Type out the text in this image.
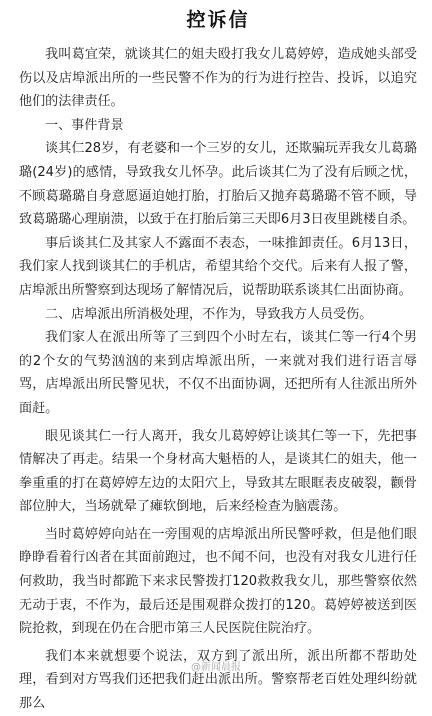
控诉信

我叫葛宜荣，就谈其仁的姐夫殴打我女儿葛婷婷，造成她头部受伤以及店埠派出所的一些民警不作为的行为进行控告、投诉，以追究他们的法律责任。

一、事件背景

谈其仁28岁，有老婆和一个三岁的女儿，还欺骗玩弄我女儿葛璐璐(24岁)的感情，导致我女儿怀孕。此后谈其仁为了没有后顾之忧，不顾葛璐璐自身意愿逼迫她打胎，打胎后又抛弃葛璐璐不管不顾，导致葛璐璐心理崩溃，以致于在打胎后第三天即6月3日夜里跳楼自杀。

事后谈其仁及其家人不露面不表态，一味推卸责任。6月13日，我们家人找到谈其仁的手机店，希望其给个交代。后来有人报了警，店埠派出所警察到达现场了解情况后，说帮助联系谈其仁出面协商。

二、店埠派出所消极处理，不作为，导致我方人员受伤。

我们家人在派出所等了三到四个小时左右，谈其仁等一行4个男的2个女的气势汹汹的来到店埠派出所，一来就对我们进行语言辱骂，店埠派出所民警见状，不仅不出面协调，还把所有人往派出所外面赶。

眼见谈其仁一行人离开，我女儿葛婷婷让谈其仁等一下，先把事情解决了再走。结果一个身材高大魁梧的人，是谈其仁的姐夫，他一拳重重的打在葛婷婷左边的太阳穴上，导致其左眼眶表皮破裂，颧骨部位肿大，当场就晕了瘫软倒地，后来经检查为脑震荡。

当时葛婷婷向站在一旁围观的店埠派出所民警呼救，但是他们眼睁睁看着行凶者在其面前跑过，也不闻不问，也没有对我女儿进行任何救助，我当时都跪下来求民警拨打120救救我女儿，那些警察依然无动于衷，不作为，最后还是围观群众拨打的120。葛婷婷被送到医院抢救，到现在仍在合肥市第三人民医院住院治疗。

我们本来就想要个说法，双方到了派出所，派出所都不帮助处理，看到对方骂我们还把我们赶出派出所。警察帮老百姓处理纠纷就那么

@新闻晨报
